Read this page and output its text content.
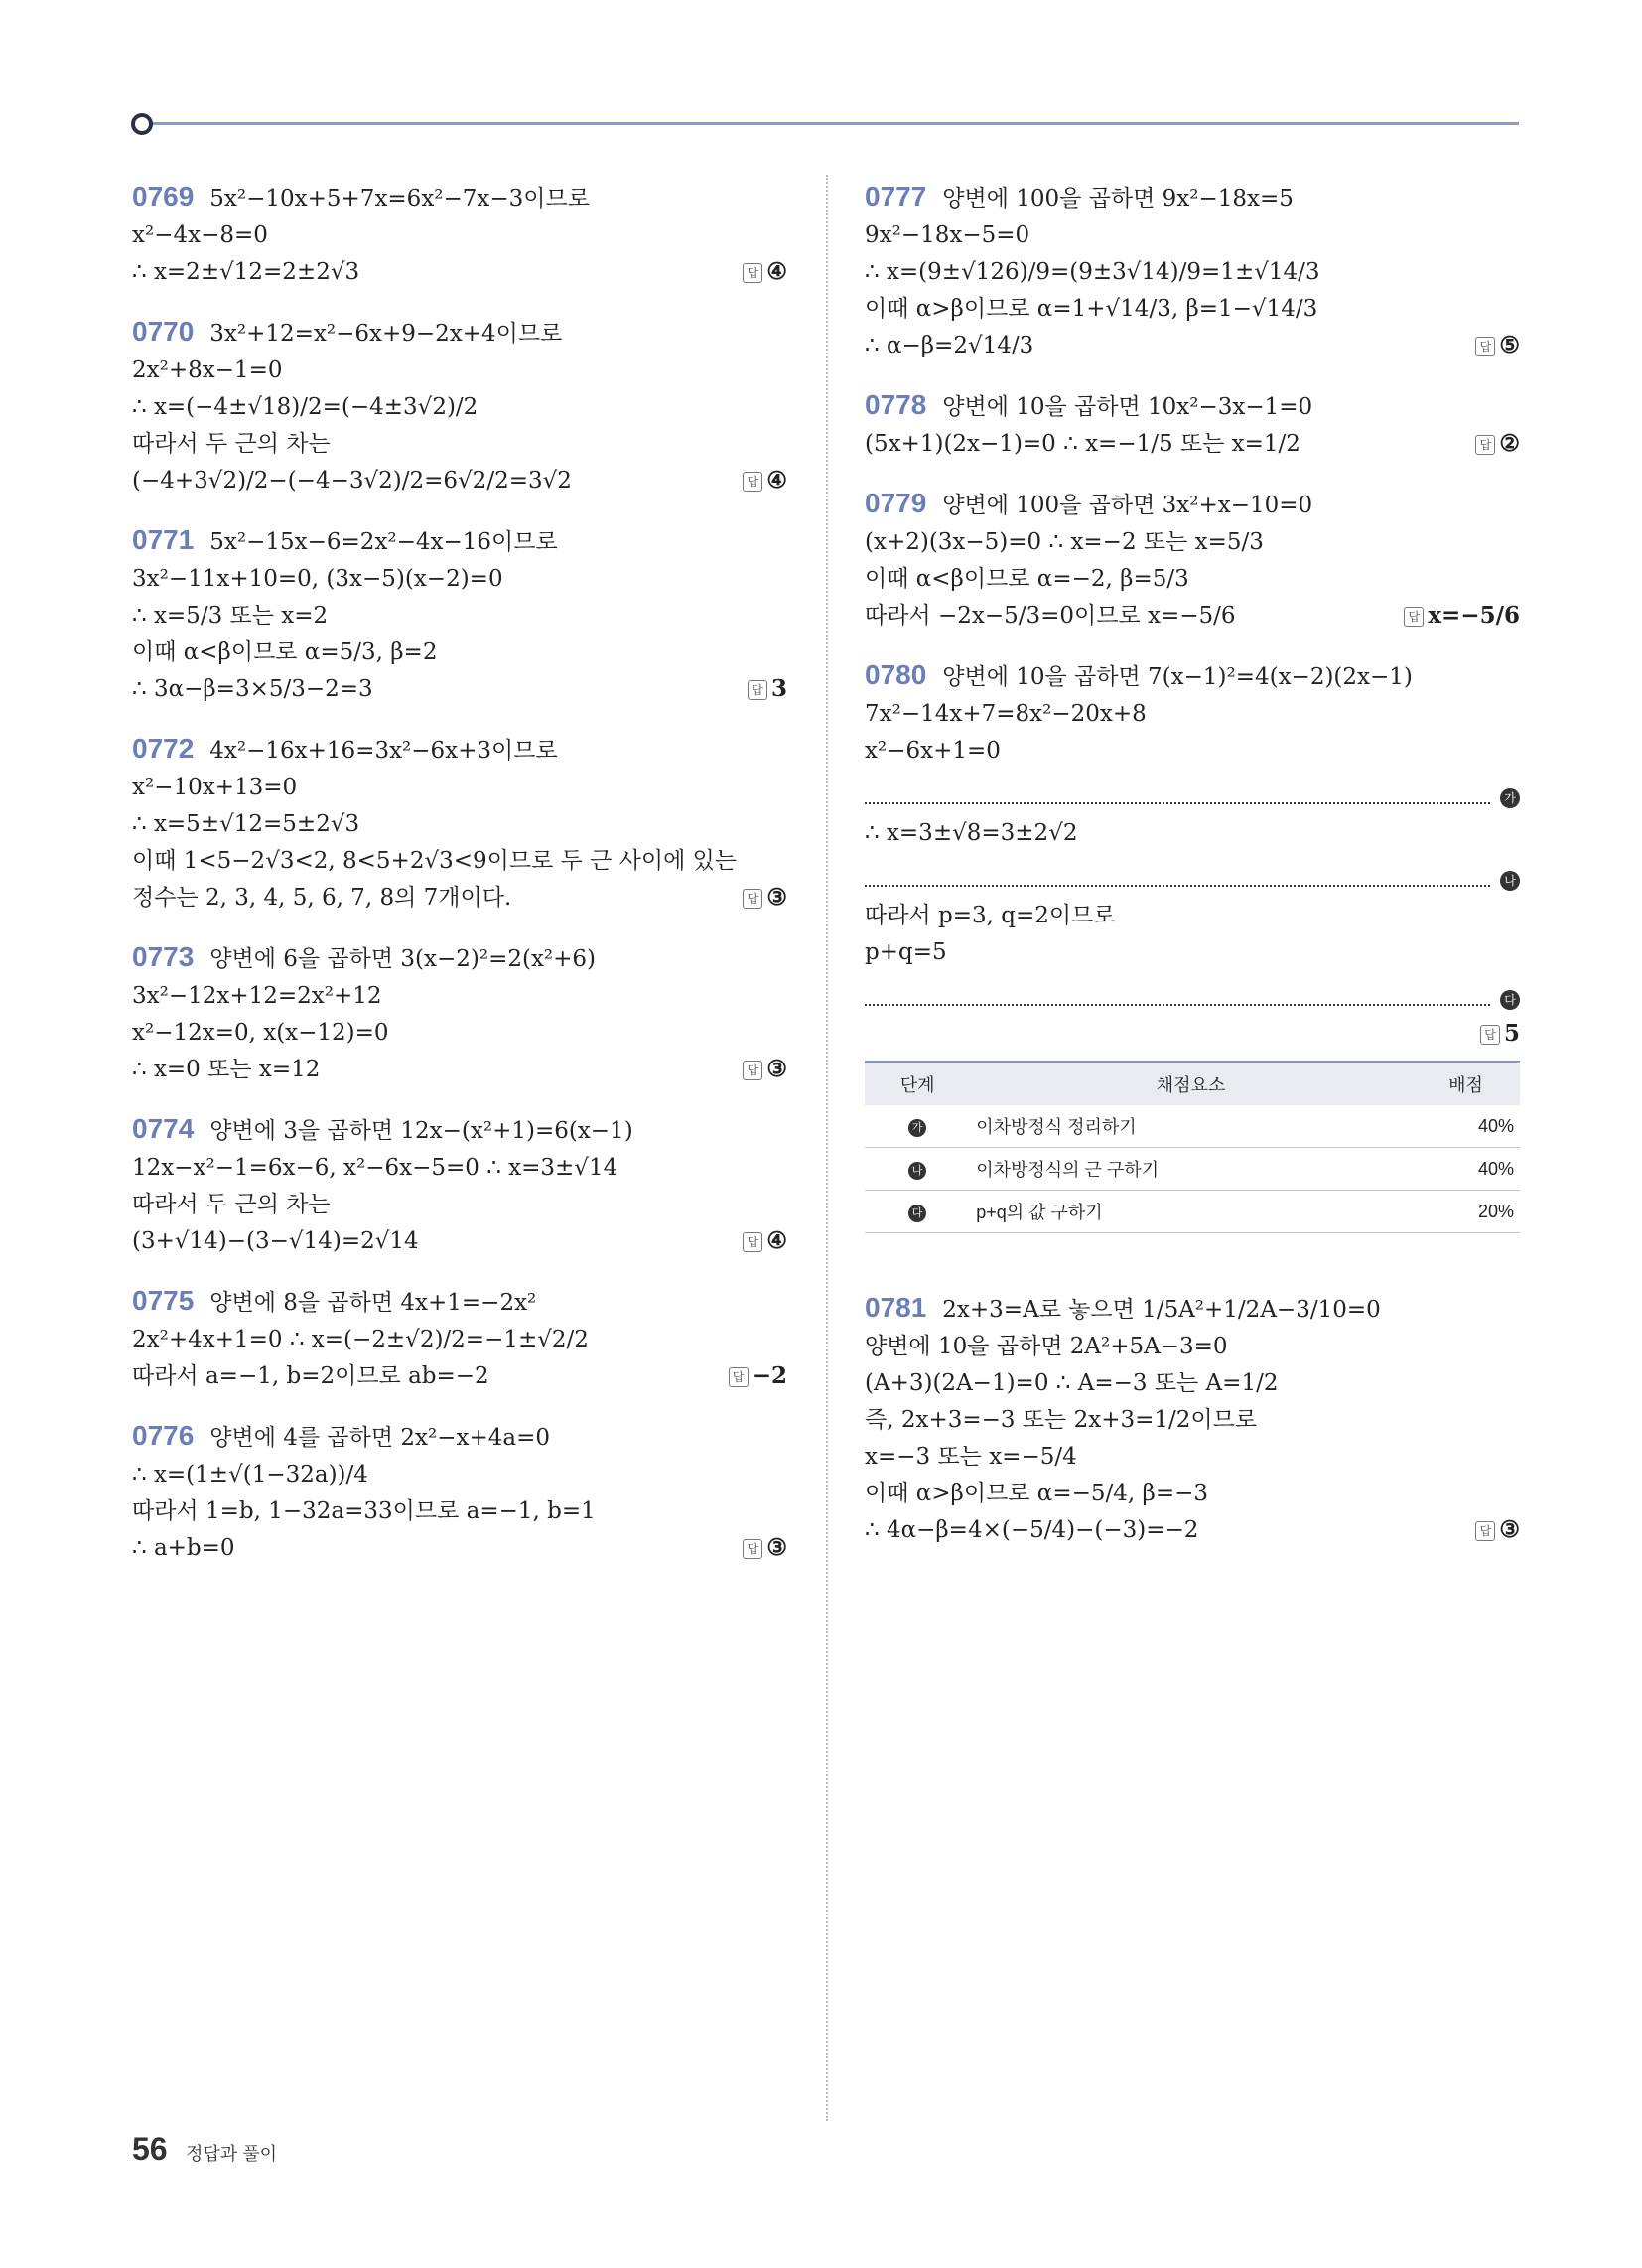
0769 5x²−10x+5+7x=6x²−7x−3이므로
x²−4x−8=0
∴ x=2±√12=2±2√3	답 ④
0770 3x²+12=x²−6x+9−2x+4이므로
2x²+8x−1=0
∴ x=(−4±√18)/2=(−4±3√2)/2
따라서 두 근의 차는
(−4+3√2)/2−(−4−3√2)/2=6√2/2=3√2	답 ④
0771 5x²−15x−6=2x²−4x−16이므로
3x²−11x+10=0, (3x−5)(x−2)=0
∴ x=5/3 또는 x=2
이때 α<β이므로 α=5/3, β=2
∴ 3α−β=3×5/3−2=3	답 3
0772 4x²−16x+16=3x²−6x+3이므로
x²−10x+13=0
∴ x=5±√12=5±2√3
이때 1<5−2√3<2, 8<5+2√3<9이므로 두 근 사이에 있는
정수는 2, 3, 4, 5, 6, 7, 8의 7개이다.	답 ③
0773 양변에 6을 곱하면 3(x−2)²=2(x²+6)
3x²−12x+12=2x²+12
x²−12x=0, x(x−12)=0
∴ x=0 또는 x=12	답 ③
0774 양변에 3을 곱하면 12x−(x²+1)=6(x−1)
12x−x²−1=6x−6, x²−6x−5=0 ∴ x=3±√14
따라서 두 근의 차는
(3+√14)−(3−√14)=2√14	답 ④
0775 양변에 8을 곱하면 4x+1=−2x²
2x²+4x+1=0 ∴ x=(−2±√2)/2=−1±√2/2
따라서 a=−1, b=2이므로 ab=−2	답 −2
0776 양변에 4를 곱하면 2x²−x+4a=0
∴ x=(1±√(1−32a))/4
따라서 1=b, 1−32a=33이므로 a=−1, b=1
∴ a+b=0	답 ③
0777 양변에 100을 곱하면 9x²−18x=5
9x²−18x−5=0
∴ x=(9±√126)/9=(9±3√14)/9=1±√14/3
이때 α>β이므로 α=1+√14/3, β=1−√14/3
∴ α−β=2√14/3	답 ⑤
0778 양변에 10을 곱하면 10x²−3x−1=0
(5x+1)(2x−1)=0 ∴ x=−1/5 또는 x=1/2	답 ②
0779 양변에 100을 곱하면 3x²+x−10=0
(x+2)(3x−5)=0 ∴ x=−2 또는 x=5/3
이때 α<β이므로 α=−2, β=5/3
따라서 −2x−5/3=0이므로 x=−5/6	답 x=−5/6
0780 양변에 10을 곱하면 7(x−1)²=4(x−2)(2x−1)
7x²−14x+7=8x²−20x+8
x²−6x+1=0
가
∴ x=3±√8=3±2√2
나
따라서 p=3, q=2이므로
p+q=5
다
답 5
단계	채점요소	배점
가	이차방정식 정리하기	40%
나	이차방정식의 근 구하기	40%
다	p+q의 값 구하기	20%
0781 2x+3=A로 놓으면 1/5A²+1/2A−3/10=0
양변에 10을 곱하면 2A²+5A−3=0
(A+3)(2A−1)=0 ∴ A=−3 또는 A=1/2
즉, 2x+3=−3 또는 2x+3=1/2이므로
x=−3 또는 x=−5/4
이때 α>β이므로 α=−5/4, β=−3
∴ 4α−β=4×(−5/4)−(−3)=−2	답 ③
56 정답과 풀이
